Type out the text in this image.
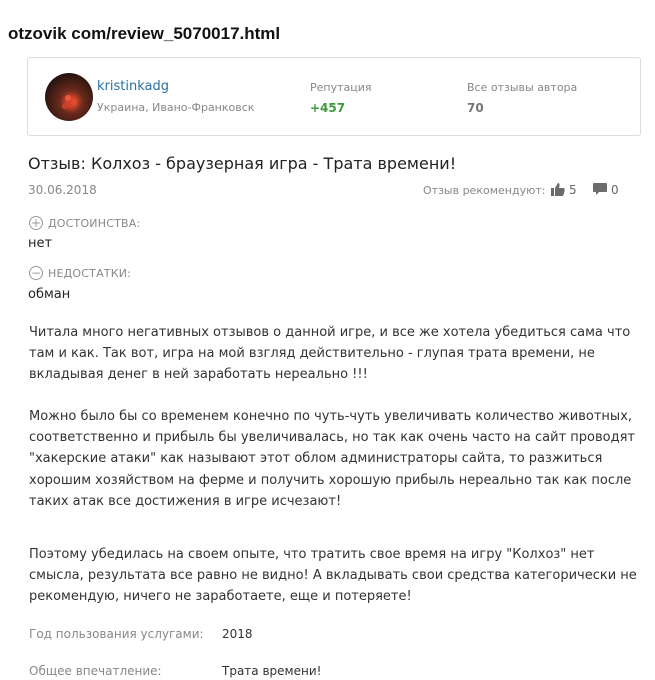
otzovik com/review_5070017.html
kristinkadg
Украина, Ивано-Франковск
Репутация
+457
Все отзывы автора
70
Отзыв: Колхоз - браузерная игра - Трата времени!
30.06.2018	Отзыв рекомендуют: 5	0
+ ДОСТОИНСТВА:
нет
− НЕДОСТАТКИ:
обман

Читала много негативных отзывов о данной игре, и все же хотела убедиться сама что там и как. Так вот, игра на мой взгляд действительно - глупая трата времени, не вкладывая денег в ней заработать нереально !!!

Можно было бы со временем конечно по чуть-чуть увеличивать количество животных, соответственно и прибыль бы увеличивалась, но так как очень часто на сайт проводят "хакерские атаки" как называют этот облом администраторы сайта, то разжиться хорошим хозяйством на ферме и получить хорошую прибыль нереально так как после таких атак все достижения в игре исчезают!

Поэтому убедилась на своем опыте, что тратить свое время на игру "Колхоз" нет смысла, результата все равно не видно! А вкладывать свои средства категорически не рекомендую, ничего не заработаете, еще и потеряете!

Год пользования услугами: 2018
Общее впечатление:	Трата времени!
